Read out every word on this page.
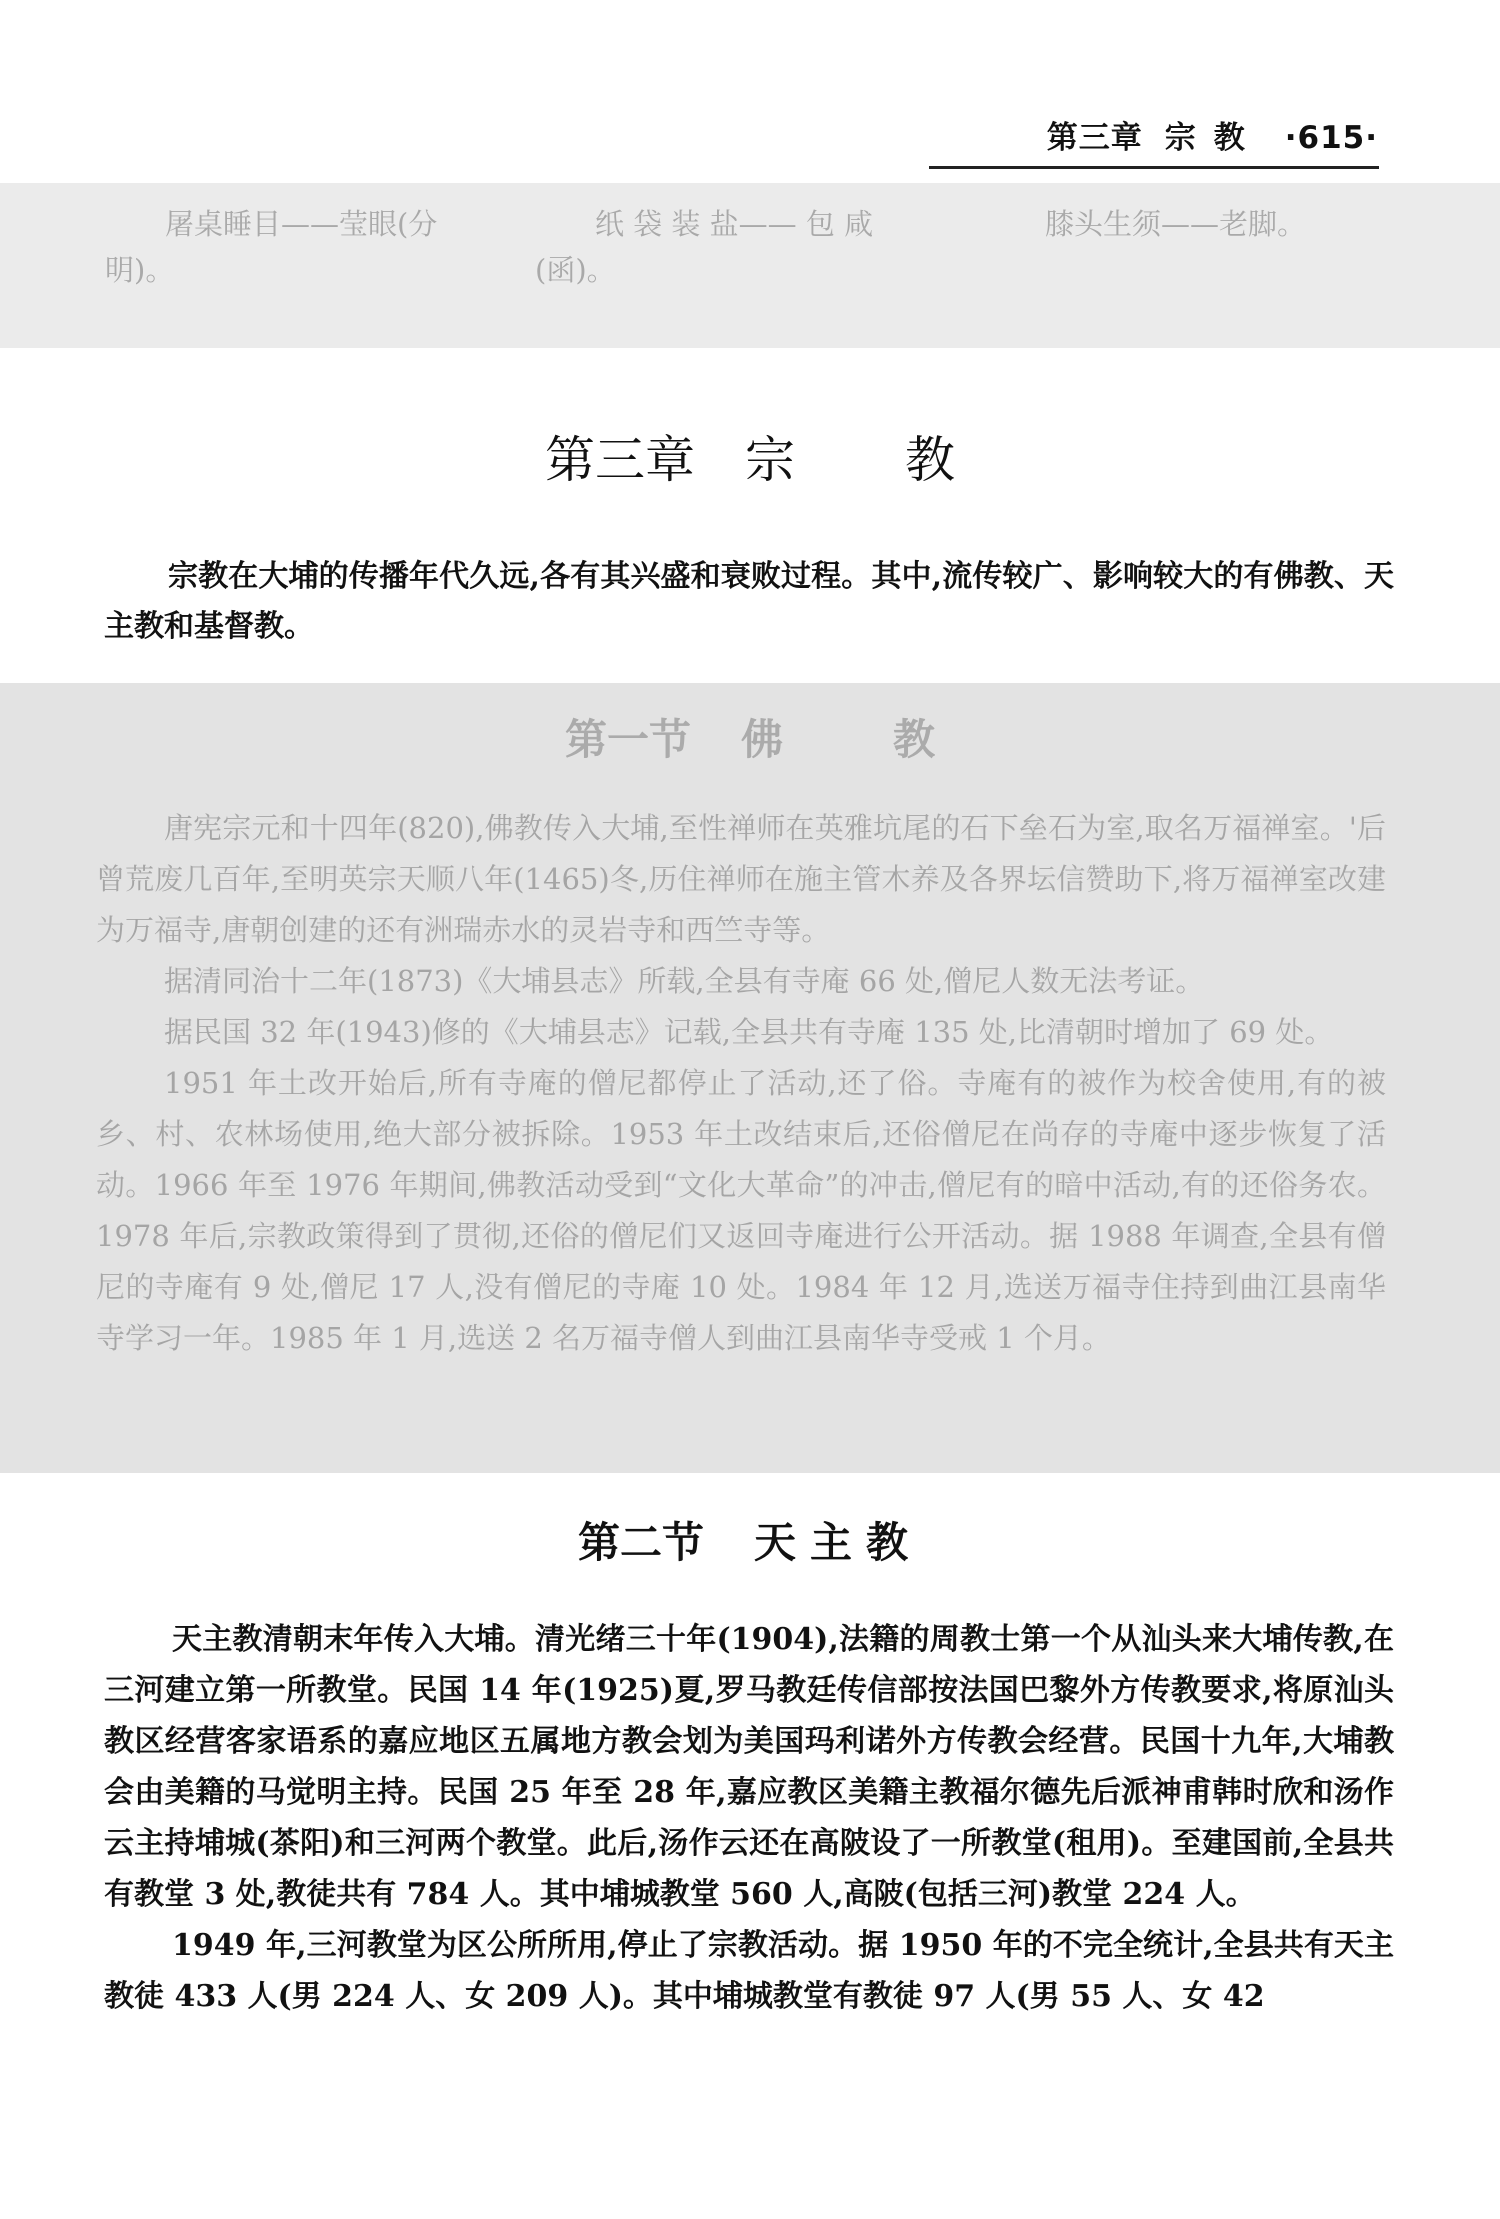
第三章 宗教 ·615·
屠桌睡目——莹眼(分
明)。
纸 袋 装 盐—— 包 咸
(函)。
膝头生须——老脚。
第三章 宗 教
宗教在大埔的传播年代久远,各有其兴盛和衰败过程。其中,流传较广、影响较大的有佛教、天主教和基督教。
第一节 佛	教

唐宪宗元和十四年(820),佛教传入大埔,至性禅师在英雅坑尾的石下垒石为室,取名万福禅室。'后曾荒废几百年,至明英宗天顺八年(1465)冬,历住禅师在施主管木养及各界坛信赞助下,将万福禅室改建为万福寺,唐朝创建的还有洲瑞赤水的灵岩寺和西竺寺等。

据清同治十二年(1873)《大埔县志》所载,全县有寺庵 66 处,僧尼人数无法考证。

据民国 32 年(1943)修的《大埔县志》记载,全县共有寺庵 135 处,比清朝时增加了 69 处。

1951 年土改开始后,所有寺庵的僧尼都停止了活动,还了俗。寺庵有的被作为校舍使用,有的被乡、村、农林场使用,绝大部分被拆除。1953 年土改结束后,还俗僧尼在尚存的寺庵中逐步恢复了活动。1966 年至 1976 年期间,佛教活动受到“文化大革命”的冲击,僧尼有的暗中活动,有的还俗务农。1978 年后,宗教政策得到了贯彻,还俗的僧尼们又返回寺庵进行公开活动。据 1988 年调查,全县有僧尼的寺庵有 9 处,僧尼 17 人,没有僧尼的寺庵 10 处。1984 年 12 月,选送万福寺住持到曲江县南华寺学习一年。1985 年 1 月,选送 2 名万福寺僧人到曲江县南华寺受戒 1 个月。

第二节 天主教

天主教清朝末年传入大埔。清光绪三十年(1904),法籍的周教士第一个从汕头来大埔传教,在三河建立第一所教堂。民国 14 年(1925)夏,罗马教廷传信部按法国巴黎外方传教要求,将原汕头教区经营客家语系的嘉应地区五属地方教会划为美国玛利诺外方传教会经营。民国十九年,大埔教会由美籍的马觉明主持。民国 25 年至 28 年,嘉应教区美籍主教福尔德先后派神甫韩时欣和汤作云主持埔城(茶阳)和三河两个教堂。此后,汤作云还在高陂设了一所教堂(租用)。至建国前,全县共有教堂 3 处,教徒共有 784 人。其中埔城教堂 560 人,高陂(包括三河)教堂 224 人。

1949 年,三河教堂为区公所所用,停止了宗教活动。据 1950 年的不完全统计,全县共有天主教徒 433 人(男 224 人、女 209 人)。其中埔城教堂有教徒 97 人(男 55 人、女 42
